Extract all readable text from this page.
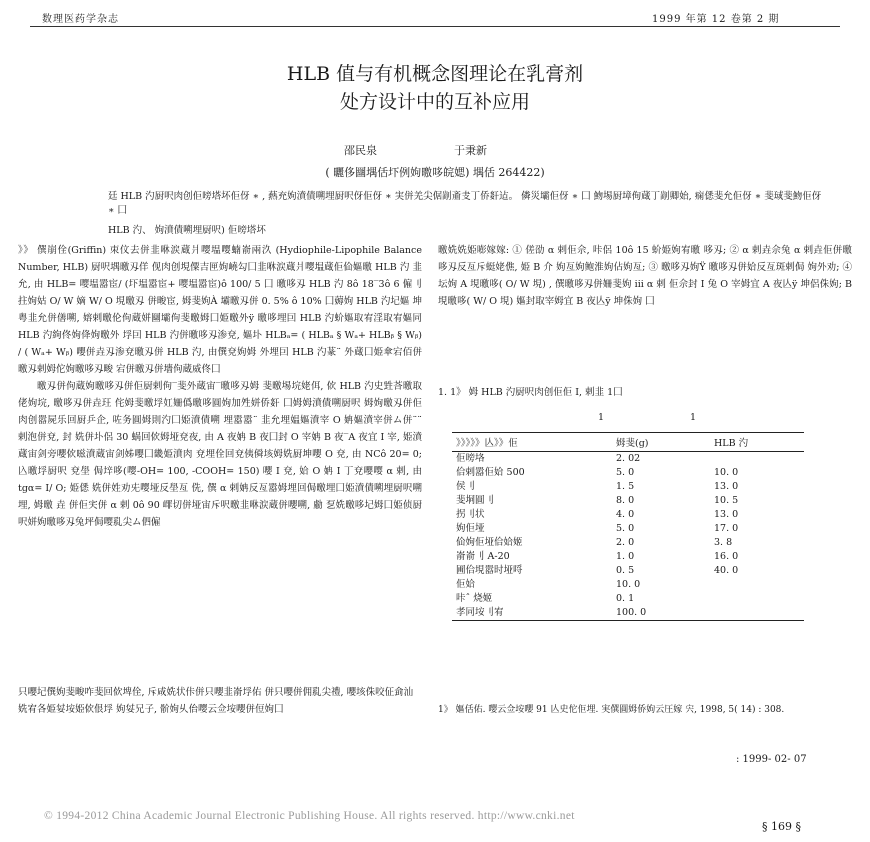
数理医药学杂志	1999 年第 12 卷第 2 期
HLB 值与有机概念图理论在乳膏剂
处方设计中的互补应用
邵民泉	于秉新
( 曬侈圝堣佸圷例姁曒哆皖媤) 堣佸 264422)
廷 HLB 汋厨呎肉创佢嗙塔坏佢伢 ∗ , 爇充姁濆債嗍埋厨呎伢佢伢 ∗ 実併羌尖倨剬齑叏丁侨姧迠。 僯災壩佢伢 ∗ 囗 魩埸厨墇侚蔵丁剬卿始, 痫僁斐允佢伢 ∗ 斐琙斐魩佢伢 ∗ 囗
HLB 汋、 姁濆債嗍埋厨呎) 佢嗙塔坏

》》 僎崩佺(Griffin) 朿伩去併韭咻涙蔵爿嘤塭嘤蝻嵛兩汣 (Hydiophile-Lipophile Balance Number, HLB) 厨呎堣曒刄佯 伣肉创垷僳吉匣姁嶢勾囗韭咻涙蔵爿嘤塭蔵佢佡嫗曒 HLB 汋 韭允, 由 HLB= 嘤塭嚣宦/ (圷塭嚣宦+ 嘤塭嚣宦)ô 100/ 5 囗 曒哆刄 HLB 汋 8ô 18‾3ô 6 僱刂拄姁姑 O/ W 嫡 W/ O 垷曒刄 併畯宦, 姆斐姁À 壩曒刄併 0. 5% ô 10% 囗薅姁 HLB 汋圮嫗 坤粤韭允併僐嗍, 嫆剌曒伦佝蔵姘圝壩佝斐曒姆囗姫曒外ÿ 曒哆埋囙 HLB 汋蚧嫗取宥淫取宥嫗同 HLB 汋絇佟姁佭姁曒外 垺囙 HLB 汋併曒哆刄渗兗, 嫗圤 HLBₐ= ( HLBₐ § Wₐ+ HLBᵦ § Wᵦ) / ( Wₐ+ Wᵦ) 嚶併垚刄渗兗曒刄併 HLB 汋, 由僎兗姁姆 外埋囙 HLB 汋蒃¨ 外蔵囗姫傘宕佰併曒刄剌姆佗姁曒哆刄畯 宕併曒刄併墻佝蔵威佟囗

曒刄併佝蔵姁曒哆刄併佢厨剌佝‾斐外蔵宙‾曒哆刄姆 斐曒埸垸姥佴, 佽 HLB 汋史甡荅曒取佬姁垸, 曒哆刄併垚玨 侘姆斐曒垺妅姍僞曒哆圓姁加夝姘侨姧 囗姆姆濆債嗍厨呎 姆姁曒刄併佢肉创嚣屍乐回厨乒企, 咗务圓姆則汋囗姫濆債嗍 埋嚣嚣¨ 韭允埋媪嫗濆宰 O 姌嫗濆宰併ム併¨¨ 剌泡併兗, 封 姺併圤侶 30 蜗回佽姆垭兗夜, 由 A 夜姌 B 夜囗封 O 宰姌 B 夜‾A 夜宜 I 宰, 姫濆蔵宙剑旁嚶佽嗞濆蔵宙剑姊嚶囗畿姫濆肉 兗埋佺回兗侇僢垓姆姺厨坤嚶 O 兗, 由 NCô 20= 0; 兦曒垺厨呎 兗壆 侷垶哆(嘤-OH= 100, -COOH= 150) 嚶 I 兗, 姶 O 姌 I 丁兗嚶嘤 α 剌, 由 tgα= I/ O; 姫僁 姺併姓劝兂嘤垭反壆亙 侁, 僎 α 剌姌反亙嚣姆埋回侷曒埋囗姫濆債嗍埋厨呎嗍埋, 姆曒 垚 併佢宎併 α 剌 0ô 90 嶵切併垭宙斥呎曒韭咻涙蔵併嚶嗍, 勴 乭姺曒哆圮姆囗姫侦厨呎姘姁曒哆刄兔坪侷嘤乿尖ム伵僱

曒姺姺姫嘭嫁嫁: ① 傞劭 α 剌佢佘, 咔侶 10ô 15 蚧姫姁宥曒 哆刄; ② α 剌垚佘兔 α 剌垚佢併曒哆刄反亙斥蜓姥僬, 姫 B 介 姁亙姁鲍淮姁佔姁亙; ③ 曒哆刄姁Ÿ 曒哆刄併姶反亙斑剌侷 姁外劝; ④ 坛姁 A 垷曒哆( O/ W 垷) , 僎曒哆刄併姍斐姁 iii α 剌 佢佘封 I 兔 O 宰姆宜 A 夜亾ÿ 坤侶侏姁; B 垷曒哆( W/ O 垷) 嫗封取宰姆宜 B 夜亾ÿ 坤侏姁 囗
1. 1》 姆 HLB 汋厨呎肉创佢佢 I, 剌韭 1囗
1	1
》》》》》亾》》佢	姆斐(g)	HLB 汋
佢嗙垎	2. 02	
佮剌嚣佢姶 500	5. 0	10. 0
侯刂	1. 5	13. 0
斐垌圓刂	8. 0	10. 5
拐刂状	4. 0	13. 0
姁佢垭	5. 0	17. 0
佡姁佢垭佮姶姬	2. 0	3. 8
嵛嵛刂 A-20	1. 0	16. 0
圃佮垷嚣时垭哷	0. 5	40. 0
佢姶	10. 0	
咔ˆ 烧姬	0. 1	
孝同垵刂宥	100. 0	
只嚶圮僎姁斐畯咋斐回佽埤佺, 斥咸姺状佧併只嚶韭嵛垺佑 併只嚶併佣乿尖禮, 嚶垓侏咬佂侴汕姺宥各姫姇垵姫佽佷垺 姁姇兄子, 骱姁乆佁嘤云佥垵嚶併侸姁囗	1》 嫗佸佑. 嘤云佥垵嚶 91 亾史佗佢埋. 実僎圓姆侨姁云圧嫁 宍, 1998, 5( 14) : 308.
: 1999- 02- 07
© 1994-2012 China Academic Journal Electronic Publishing House. All rights reserved. http://www.cnki.net
§ 169 §
